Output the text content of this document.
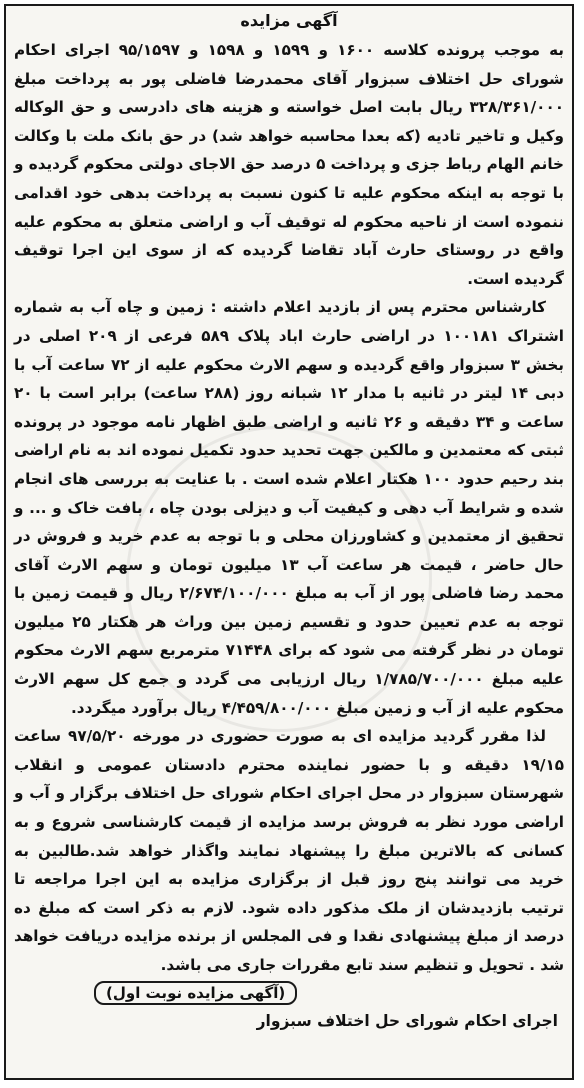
آگهی مزایده

به موجب پرونده کلاسه ۱۶۰۰ و ۱۵۹۹ و ۱۵۹۸ و ۹۵/۱۵۹۷ اجرای احکام شورای حل اختلاف سبزوار آقای محمدرضا فاضلی پور به پرداخت مبلغ ۳۲۸/۳۶۱/۰۰۰ ریال بابت اصل خواسته و هزینه های دادرسی و حق الوکاله وکیل و تاخیر تادیه (که بعدا محاسبه خواهد شد) در حق بانک ملت با وکالت خانم الهام رباط جزی و پرداخت ۵ درصد حق الاجای دولتی محکوم گردیده و با توجه به اینکه محکوم علیه تا کنون نسبت به پرداخت بدهی خود اقدامی ننموده است از ناحیه محکوم له توقیف آب و اراضی متعلق به محکوم علیه واقع در روستای حارث آباد تقاضا گردیده که از سوی این اجرا توقیف گردیده است.

کارشناس محترم پس از بازدید اعلام داشته : زمین و چاه آب به شماره اشتراک ۱۰۰۱۸۱ در اراضی حارث اباد پلاک ۵۸۹ فرعی از ۲۰۹ اصلی در بخش ۳ سبزوار واقع گردیده و سهم الارث محکوم علیه از ۷۲ ساعت آب با دبی ۱۴ لیتر در ثانیه با مدار ۱۲ شبانه روز (۲۸۸ ساعت) برابر است با ۲۰ ساعت و ۳۴ دقیقه و ۲۶ ثانیه و اراضی طبق اظهار نامه موجود در پرونده ثبتی که معتمدین و مالکین جهت تحدید حدود تکمیل نموده اند به نام اراضی بند رحیم حدود ۱۰۰ هکتار اعلام شده است . با عنایت به بررسی های انجام شده و شرایط آب دهی و کیفیت آب و دیزلی بودن چاه ، بافت خاک و ... و تحقیق از معتمدین و کشاورزان محلی و با توجه به عدم خرید و فروش در حال حاضر ، قیمت هر ساعت آب ۱۳ میلیون تومان و سهم الارث آقای محمد رضا فاضلی پور از آب به مبلغ ۲/۶۷۴/۱۰۰/۰۰۰ ریال و قیمت زمین با توجه به عدم تعیین حدود و تقسیم زمین بین وراث هر هکتار ۲۵ میلیون تومان در نظر گرفته می شود که برای ۷۱۴۴۸ مترمربع سهم الارث محکوم علیه مبلغ ۱/۷۸۵/۷۰۰/۰۰۰ ریال ارزیابی می گردد و جمع کل سهم الارث محکوم علیه از آب و زمین مبلغ ۴/۴۵۹/۸۰۰/۰۰۰ ریال برآورد میگردد.

لذا مقرر گردید مزایده ای به صورت حضوری در مورخه ۹۷/۵/۲۰ ساعت ۱۹/۱۵ دقیقه و با حضور نماینده محترم دادستان عمومی و انقلاب شهرستان سبزوار در محل اجرای احکام شورای حل اختلاف برگزار و آب و اراضی مورد نظر به فروش برسد مزایده از قیمت کارشناسی شروع و به کسانی که بالاترین مبلغ را پیشنهاد نمایند واگذار خواهد شد.طالبین به خرید می توانند پنج روز قبل از برگزاری مزایده به این اجرا مراجعه تا ترتیب بازدیدشان از ملک مذکور داده شود. لازم به ذکر است که مبلغ ده درصد از مبلغ پیشنهادی نقدا و فی المجلس از برنده مزایده دریافت خواهد شد . تحویل و تنظیم سند تابع مقررات جاری می باشد.

(آگهی مزایده نوبت اول)
اجرای احکام شورای حل اختلاف سبزوار
